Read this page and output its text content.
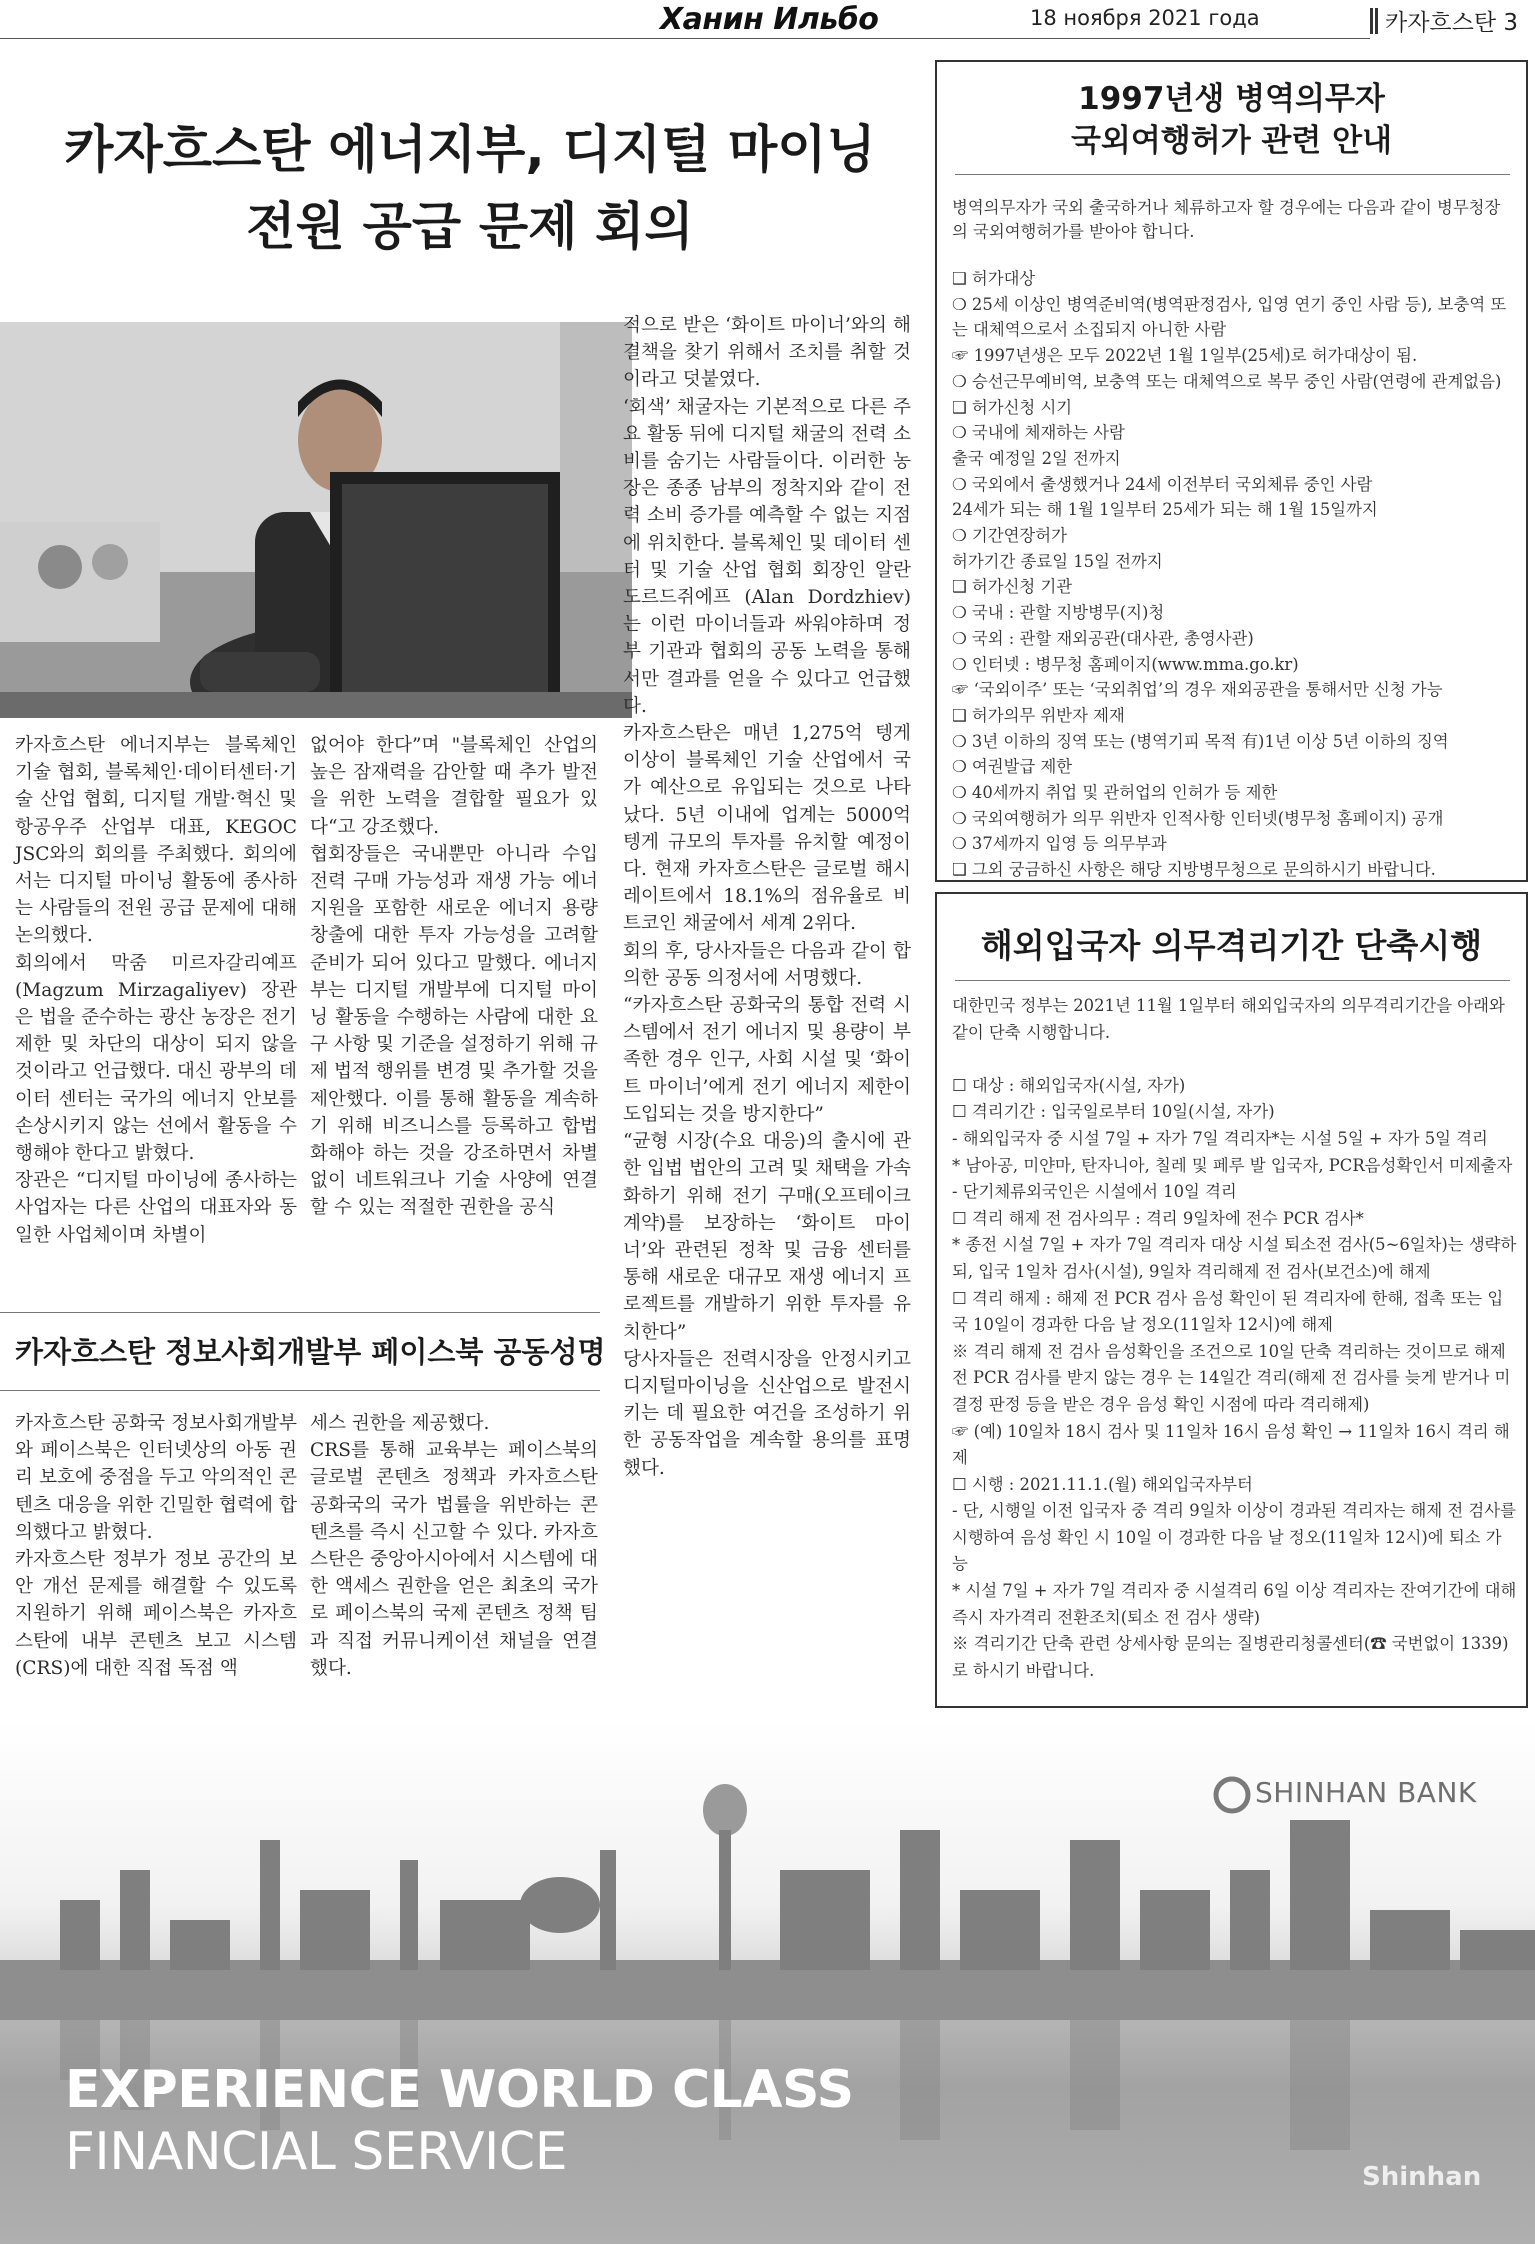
Ханин Ильбо	18 ноября 2021 года	카자흐스탄 3
카자흐스탄 에너지부, 디지털 마이닝
전원 공급 문제 회의
카자흐스탄 에너지부는 블록체인 기술 협회, 블록체인·데이터센터·기술 산업 협회, 디지털 개발·혁신 및 항공우주 산업부 대표, KEGOC JSC와의 회의를 주최했다. 회의에서는 디지털 마이닝 활동에 종사하는 사람들의 전원 공급 문제에 대해 논의했다.
회의에서 막줌 미르자갈리예프(Magzum Mirzagaliyev) 장관은 법을 준수하는 광산 농장은 전기 제한 및 차단의 대상이 되지 않을 것이라고 언급했다. 대신 광부의 데이터 센터는 국가의 에너지 안보를 손상시키지 않는 선에서 활동을 수행해야 한다고 밝혔다.
장관은 “디지털 마이닝에 종사하는 사업자는 다른 산업의 대표자와 동일한 사업체이며 차별이
없어야 한다”며 "블록체인 산업의 높은 잠재력을 감안할 때 추가 발전을 위한 노력을 결합할 필요가 있다“고 강조했다.
협회장들은 국내뿐만 아니라 수입 전력 구매 가능성과 재생 가능 에너지원을 포함한 새로운 에너지 용량 창출에 대한 투자 가능성을 고려할 준비가 되어 있다고 말했다. 에너지부는 디지털 개발부에 디지털 마이닝 활동을 수행하는 사람에 대한 요구 사항 및 기준을 설정하기 위해 규제 법적 행위를 변경 및 추가할 것을 제안했다. 이를 통해 활동을 계속하기 위해 비즈니스를 등록하고 합법화해야 하는 것을 강조하면서 차별 없이 네트워크나 기술 사양에 연결할 수 있는 적절한 권한을 공식
적으로 받은 ‘화이트 마이너’와의 해결책을 찾기 위해서 조치를 취할 것이라고 덧붙였다.
‘회색’ 채굴자는 기본적으로 다른 주요 활동 뒤에 디지털 채굴의 전력 소비를 숨기는 사람들이다. 이러한 농장은 종종 남부의 정착지와 같이 전력 소비 증가를 예측할 수 없는 지점에 위치한다. 블록체인 및 데이터 센터 및 기술 산업 협회 회장인 알란 도르드쥐에프 (Alan Dordzhiev)는 이런 마이너들과 싸워야하며 정부 기관과 협회의 공동 노력을 통해서만 결과를 얻을 수 있다고 언급했다.
카자흐스탄은 매년 1,275억 텡게 이상이 블록체인 기술 산업에서 국가 예산으로 유입되는 것으로 나타났다. 5년 이내에 업계는 5000억 텡게 규모의 투자를 유치할 예정이다. 현재 카자흐스탄은 글로벌 해시레이트에서 18.1%의 점유율로 비트코인 채굴에서 세계 2위다.
회의 후, 당사자들은 다음과 같이 합의한 공동 의정서에 서명했다.
“카자흐스탄 공화국의 통합 전력 시스템에서 전기 에너지 및 용량이 부족한 경우 인구, 사회 시설 및 ‘화이트 마이너’에게 전기 에너지 제한이 도입되는 것을 방지한다”
“균형 시장(수요 대응)의 출시에 관한 입법 법안의 고려 및 채택을 가속화하기 위해 전기 구매(오프테이크 계약)를 보장하는 ‘화이트 마이너’와 관련된 정착 및 금융 센터를 통해 새로운 대규모 재생 에너지 프로젝트를 개발하기 위한 투자를 유치한다”
당사자들은 전력시장을 안정시키고 디지털마이닝을 신산업으로 발전시키는 데 필요한 여건을 조성하기 위한 공동작업을 계속할 용의를 표명했다.
카자흐스탄 정보사회개발부 페이스북 공동성명
카자흐스탄 공화국 정보사회개발부와 페이스북은 인터넷상의 아동 권리 보호에 중점을 두고 악의적인 콘텐츠 대응을 위한 긴밀한 협력에 합의했다고 밝혔다.
카자흐스탄 정부가 정보 공간의 보안 개선 문제를 해결할 수 있도록 지원하기 위해 페이스북은 카자흐스탄에 내부 콘텐츠 보고 시스템(CRS)에 대한 직접 독점 액
세스 권한을 제공했다.
CRS를 통해 교육부는 페이스북의 글로벌 콘텐츠 정책과 카자흐스탄 공화국의 국가 법률을 위반하는 콘텐츠를 즉시 신고할 수 있다. 카자흐스탄은 중앙아시아에서 시스템에 대한 액세스 권한을 얻은 최초의 국가로 페이스북의 국제 콘텐츠 정책 팀과 직접 커뮤니케이션 채널을 연결했다.
1997년생 병역의무자
국외여행허가 관련 안내
병역의무자가 국외 출국하거나 체류하고자 할 경우에는 다음과 같이 병무청장의 국외여행허가를 받아야 합니다.
❑ 허가대상
❍ 25세 이상인 병역준비역(병역판정검사, 입영 연기 중인 사람 등), 보충역 또는 대체역으로서 소집되지 아니한 사람
☞ 1997년생은 모두 2022년 1월 1일부(25세)로 허가대상이 됨.
❍ 승선근무예비역, 보충역 또는 대체역으로 복무 중인 사람(연령에 관계없음)
❑ 허가신청 시기
❍ 국내에 체재하는 사람
출국 예정일 2일 전까지
❍ 국외에서 출생했거나 24세 이전부터 국외체류 중인 사람
24세가 되는 해 1월 1일부터 25세가 되는 해 1월 15일까지
❍ 기간연장허가
허가기간 종료일 15일 전까지
❑ 허가신청 기관
❍ 국내 : 관할 지방병무(지)청
❍ 국외 : 관할 재외공관(대사관, 총영사관)
❍ 인터넷 : 병무청 홈페이지(www.mma.go.kr)
☞ ‘국외이주’ 또는 ‘국외취업’의 경우 재외공관을 통해서만 신청 가능
❑ 허가의무 위반자 제재
❍ 3년 이하의 징역 또는 (병역기피 목적 有)1년 이상 5년 이하의 징역
❍ 여권발급 제한
❍ 40세까지 취업 및 관허업의 인허가 등 제한
❍ 국외여행허가 의무 위반자 인적사항 인터넷(병무청 홈페이지) 공개
❍ 37세까지 입영 등 의무부과
❑ 그외 궁금하신 사항은 해당 지방병무청으로 문의하시기 바랍니다.
해외입국자 의무격리기간 단축시행
대한민국 정부는 2021년 11월 1일부터 해외입국자의 의무격리기간을 아래와 같이 단축 시행합니다.

☐ 대상 : 해외입국자(시설, 자가)
☐ 격리기간 : 입국일로부터 10일(시설, 자가)
- 해외입국자 중 시설 7일 + 자가 7일 격리자*는 시설 5일 + 자가 5일 격리
* 남아공, 미얀마, 탄자니아, 칠레 및 페루 발 입국자, PCR음성확인서 미제출자
- 단기체류외국인은 시설에서 10일 격리
☐ 격리 해제 전 검사의무 : 격리 9일차에 전수 PCR 검사*
* 종전 시설 7일 + 자가 7일 격리자 대상 시설 퇴소전 검사(5~6일차)는 생략하되, 입국 1일차 검사(시설), 9일차 격리해제 전 검사(보건소)에 해제
☐ 격리 해제 : 해제 전 PCR 검사 음성 확인이 된 격리자에 한해, 접촉 또는 입국 10일이 경과한 다음 날 정오(11일차 12시)에 해제
※ 격리 해제 전 검사 음성확인을 조건으로 10일 단축 격리하는 것이므로 해제 전 PCR 검사를 받지 않는 경우 는 14일간 격리(해제 전 검사를 늦게 받거나 미결정 판정 등을 받은 경우 음성 확인 시점에 따라 격리해제)
☞ (예) 10일차 18시 검사 및 11일차 16시 음성 확인 → 11일차 16시 격리 해제
☐ 시행 : 2021.11.1.(월) 해외입국자부터
- 단, 시행일 이전 입국자 중 격리 9일차 이상이 경과된 격리자는 해제 전 검사를 시행하여 음성 확인 시 10일 이 경과한 다음 날 정오(11일차 12시)에 퇴소 가능
* 시설 7일 + 자가 7일 격리자 중 시설격리 6일 이상 격리자는 잔여기간에 대해 즉시 자가격리 전환조치(퇴소 전 검사 생략)
※ 격리기간 단축 관련 상세사항 문의는 질병관리청콜센터(☎ 국번없이 1339)로 하시기 바랍니다.
SHINHAN BANK
EXPERIENCE WORLD CLASS
FINANCIAL SERVICE	Shinhan
